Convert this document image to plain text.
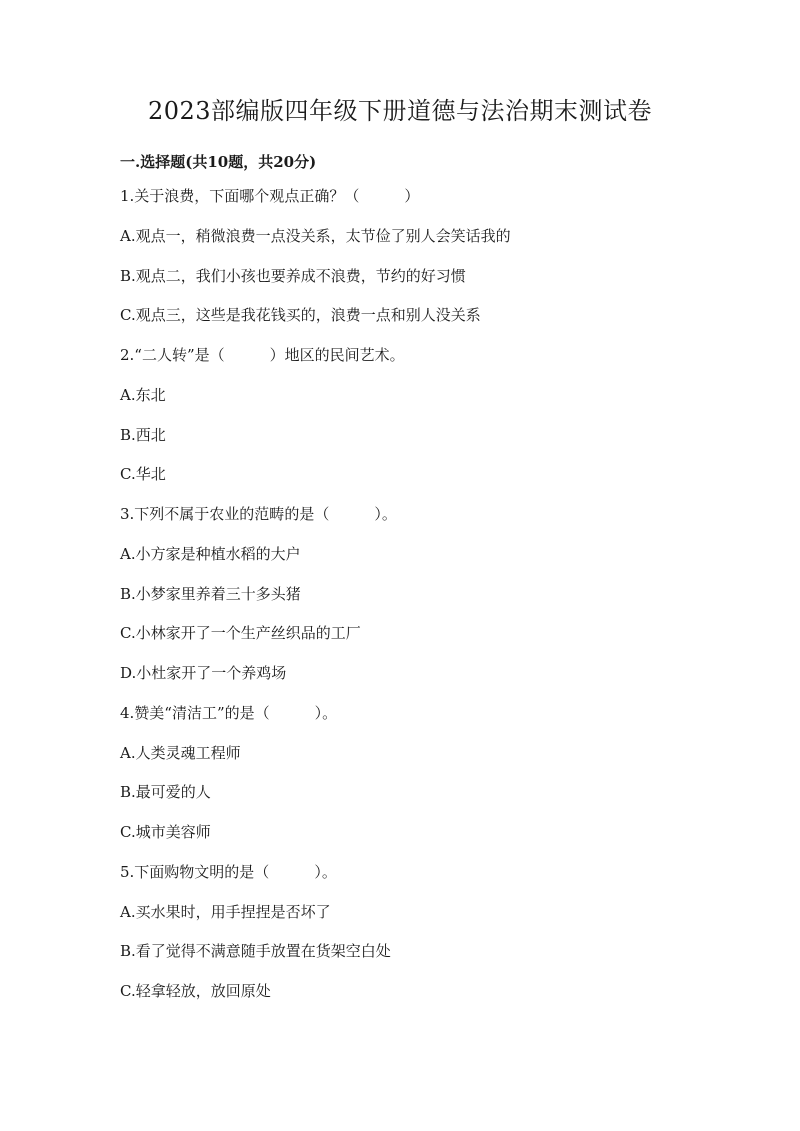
2023部编版四年级下册道德与法治期末测试卷
一.选择题(共10题，共20分)
1.关于浪费，下面哪个观点正确？（　　　）
A.观点一，稍微浪费一点没关系，太节俭了别人会笑话我的
B.观点二，我们小孩也要养成不浪费，节约的好习惯
C.观点三，这些是我花钱买的，浪费一点和别人没关系
2.“二人转”是（　　　）地区的民间艺术。
A.东北
B.西北
C.华北
3.下列不属于农业的范畴的是（　　　）。
A.小方家是种植水稻的大户
B.小梦家里养着三十多头猪
C.小林家开了一个生产丝织品的工厂
D.小杜家开了一个养鸡场
4.赞美“清洁工”的是（　　　）。
A.人类灵魂工程师
B.最可爱的人
C.城市美容师
5.下面购物文明的是（　　　）。
A.买水果时，用手捏捏是否坏了
B.看了觉得不满意随手放置在货架空白处
C.轻拿轻放，放回原处
